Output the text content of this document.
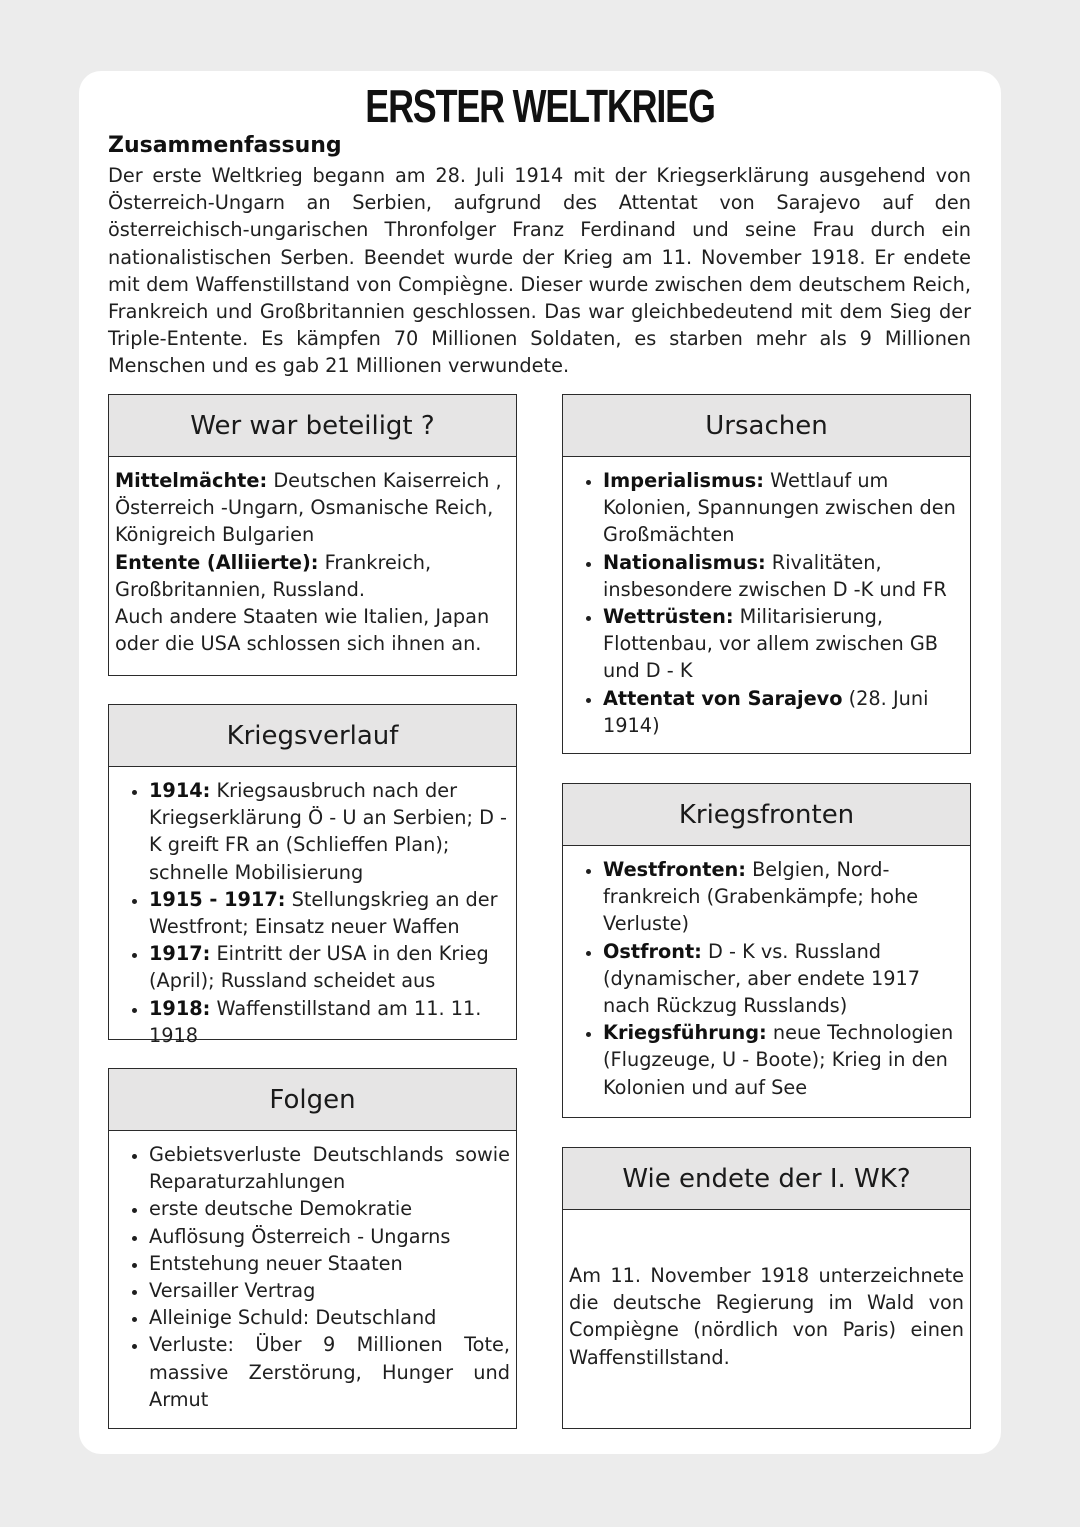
ERSTER WELTKRIEG
Zusammenfassung

Der erste Weltkrieg begann am 28. Juli 1914 mit der Kriegserklärung ausgehend von Österreich-Ungarn an Serbien, aufgrund des Attentat von Sarajevo auf den österreichisch-ungarischen Thronfolger Franz Ferdinand und seine Frau durch ein nationalistischen Serben. Beendet wurde der Krieg am 11. November 1918. Er endete mit dem Waffenstillstand von Compiègne. Dieser wurde zwischen dem deutschem Reich, Frankreich und Großbritannien geschlossen. Das war gleichbedeutend mit dem Sieg der Triple-Entente. Es kämpfen 70 Millionen Soldaten, es starben mehr als 9 Millionen Menschen und es gab 21 Millionen verwundete.

Wer war beteiligt ?
Mittelmächte: Deutschen Kaiserreich , Österreich -Ungarn, Osmanische Reich, Königreich Bulgarien
Entente (Alliierte): Frankreich, Großbritannien, Russland.
Auch andere Staaten wie Italien, Japan oder die USA schlossen sich ihnen an.
Ursachen
• Imperialismus: Wettlauf um Kolonien, Spannungen zwischen den Großmächten
• Nationalismus: Rivalitäten, insbesondere zwischen D -K und FR
• Wettrüsten: Militarisierung, Flottenbau, vor allem zwischen GB und D - K
• Attentat von Sarajevo (28. Juni 1914)
Kriegsverlauf
• 1914: Kriegsausbruch nach der Kriegserklärung Ö - U an Serbien; D - K greift FR an (Schlieffen Plan); schnelle Mobilisierung
• 1915 - 1917: Stellungskrieg an der Westfront; Einsatz neuer Waffen
• 1917: Eintritt der USA in den Krieg (April); Russland scheidet aus
• 1918: Waffenstillstand am 11. 11. 1918
Kriegsfronten
• Westfronten: Belgien, Nord-frankreich (Grabenkämpfe; hohe Verluste)
• Ostfront: D - K vs. Russland (dynamischer, aber endete 1917 nach Rückzug Russlands)
• Kriegsführung: neue Technologien (Flugzeuge, U - Boote); Krieg in den Kolonien und auf See
Folgen
• Gebietsverluste Deutschlands sowie Reparaturzahlungen
• erste deutsche Demokratie
• Auflösung Österreich - Ungarns
• Entstehung neuer Staaten
• Versailler Vertrag
• Alleinige Schuld: Deutschland
• Verluste: Über 9 Millionen Tote, massive Zerstörung, Hunger und Armut
Wie endete der I. WK?
Am 11. November 1918 unterzeichnete die deutsche Regierung im Wald von Compiègne (nördlich von Paris) einen Waffenstillstand.
